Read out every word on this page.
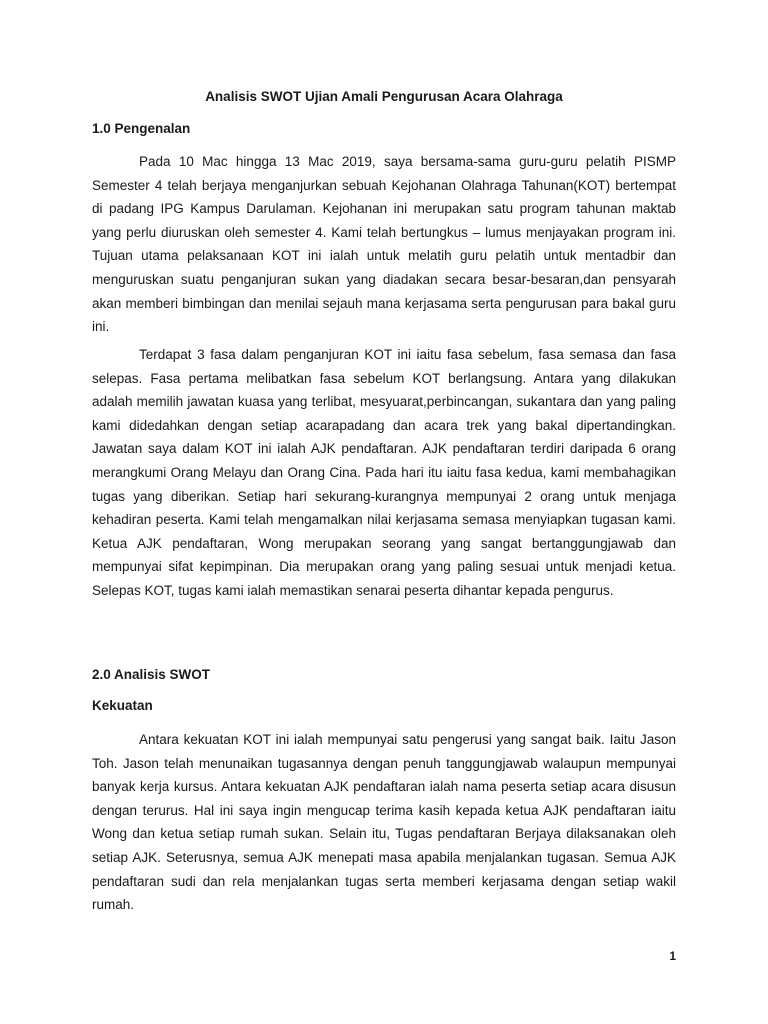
Analisis SWOT Ujian Amali Pengurusan Acara Olahraga
1.0 Pengenalan

Pada 10 Mac hingga 13 Mac 2019, saya bersama-sama guru-guru pelatih PISMP Semester 4 telah berjaya menganjurkan sebuah Kejohanan Olahraga Tahunan(KOT) bertempat di padang IPG Kampus Darulaman. Kejohanan ini merupakan satu program tahunan maktab yang perlu diuruskan oleh semester 4. Kami telah bertungkus – lumus menjayakan program ini. Tujuan utama pelaksanaan KOT ini ialah untuk melatih guru pelatih untuk mentadbir dan menguruskan suatu penganjuran sukan yang diadakan secara besar-besaran,dan pensyarah akan memberi bimbingan dan menilai sejauh mana kerjasama serta pengurusan para bakal guru ini.

Terdapat 3 fasa dalam penganjuran KOT ini iaitu fasa sebelum, fasa semasa dan fasa selepas. Fasa pertama melibatkan fasa sebelum KOT berlangsung. Antara yang dilakukan adalah memilih jawatan kuasa yang terlibat, mesyuarat,perbincangan, sukantara dan yang paling kami didedahkan dengan setiap acarapadang dan acara trek yang bakal dipertandingkan. Jawatan saya dalam KOT ini ialah AJK pendaftaran. AJK pendaftaran terdiri daripada 6 orang merangkumi Orang Melayu dan Orang Cina. Pada hari itu iaitu fasa kedua, kami membahagikan tugas yang diberikan. Setiap hari sekurang-kurangnya mempunyai 2 orang untuk menjaga kehadiran peserta. Kami telah mengamalkan nilai kerjasama semasa menyiapkan tugasan kami. Ketua AJK pendaftaran, Wong merupakan seorang yang sangat bertanggungjawab dan mempunyai sifat kepimpinan. Dia merupakan orang yang paling sesuai untuk menjadi ketua. Selepas KOT, tugas kami ialah memastikan senarai peserta dihantar kepada pengurus.

2.0 Analisis SWOT
Kekuatan

Antara kekuatan KOT ini ialah mempunyai satu pengerusi yang sangat baik. Iaitu Jason Toh. Jason telah menunaikan tugasannya dengan penuh tanggungjawab walaupun mempunyai banyak kerja kursus. Antara kekuatan AJK pendaftaran ialah nama peserta setiap acara disusun dengan terurus. Hal ini saya ingin mengucap terima kasih kepada ketua AJK pendaftaran iaitu Wong dan ketua setiap rumah sukan. Selain itu, Tugas pendaftaran Berjaya dilaksanakan oleh setiap AJK. Seterusnya, semua AJK menepati masa apabila menjalankan tugasan. Semua AJK pendaftaran sudi dan rela menjalankan tugas serta memberi kerjasama dengan setiap wakil rumah.

1
